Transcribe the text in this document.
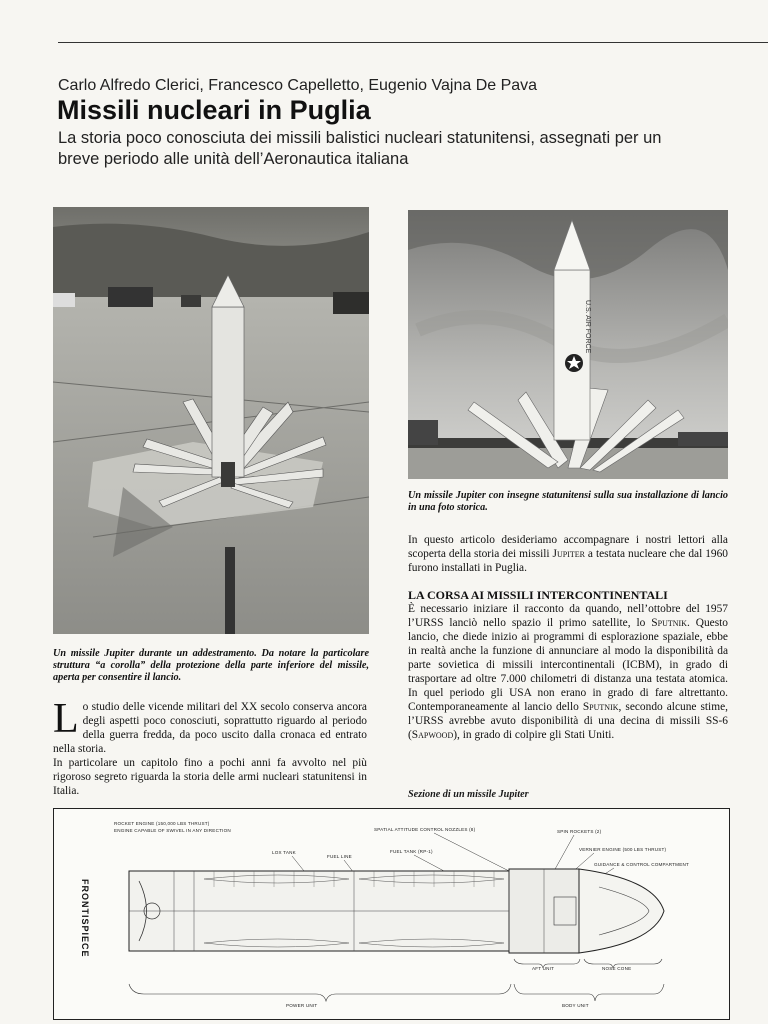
Carlo Alfredo Clerici, Francesco Capelletto, Eugenio Vajna De Pava
Missili nucleari in Puglia
La storia poco conosciuta dei missili balistici nucleari statunitensi, assegnati per un breve periodo alle unità dell’Aeronautica italiana
U.S. AIR FORCE
Un missile Jupiter durante un addestramento. Da notare la particolare struttura “a corolla” della protezione della parte inferiore del missile, aperta per consentire il lancio.
Un missile Jupiter con insegne statunitensi sulla sua installazione di lancio in una foto storica.

Lo studio delle vicende militari del XX secolo conserva ancora degli aspetti poco conosciuti, soprattutto riguardo al periodo della guerra fredda, da poco uscito dalla cronaca ed entrato nella storia.

In particolare un capitolo fino a pochi anni fa avvolto nel più rigoroso segreto riguarda la storia delle armi nucleari statunitensi in Italia.

In questo articolo desideriamo accompagnare i nostri lettori alla scoperta della storia dei missili Jupiter a testata nucleare che dal 1960 furono installati in Puglia.

LA CORSA AI MISSILI INTERCONTINENTALI

È necessario iniziare il racconto da quando, nell’ottobre del 1957 l’URSS lanciò nello spazio il primo satellite, lo Sputnik. Questo lancio, che diede inizio ai programmi di esplorazione spaziale, ebbe in realtà anche la funzione di annunciare al modo la disponibilità da parte sovietica di missili intercontinentali (ICBM), in grado di trasportare ad oltre 7.000 chilometri di distanza una testata atomica. In quel periodo gli USA non erano in grado di fare altrettanto. Contemporaneamente al lancio dello Sputnik, secondo alcune stime, l’URSS avrebbe avuto disponibilità di una decina di missili SS-6 (Sapwood), in grado di colpire gli Stati Uniti.

Sezione di un missile Jupiter
FRONTISPIECE
ROCKET ENGINE (150,000 LBS THRUST)
ENGINE CAPABLE OF SWIVEL IN ANY DIRECTION
LOX TANK
FUEL LINE
FUEL TANK (RP-1)
SPATIAL ATTITUDE CONTROL NOZZLES (8)	SPIN ROCKETS (2)
VERNIER ENGINE (500 LBS THRUST)
GUIDANCE & CONTROL COMPARTMENT
AFT UNIT	NOSE CONE
POWER UNIT	BODY UNIT
